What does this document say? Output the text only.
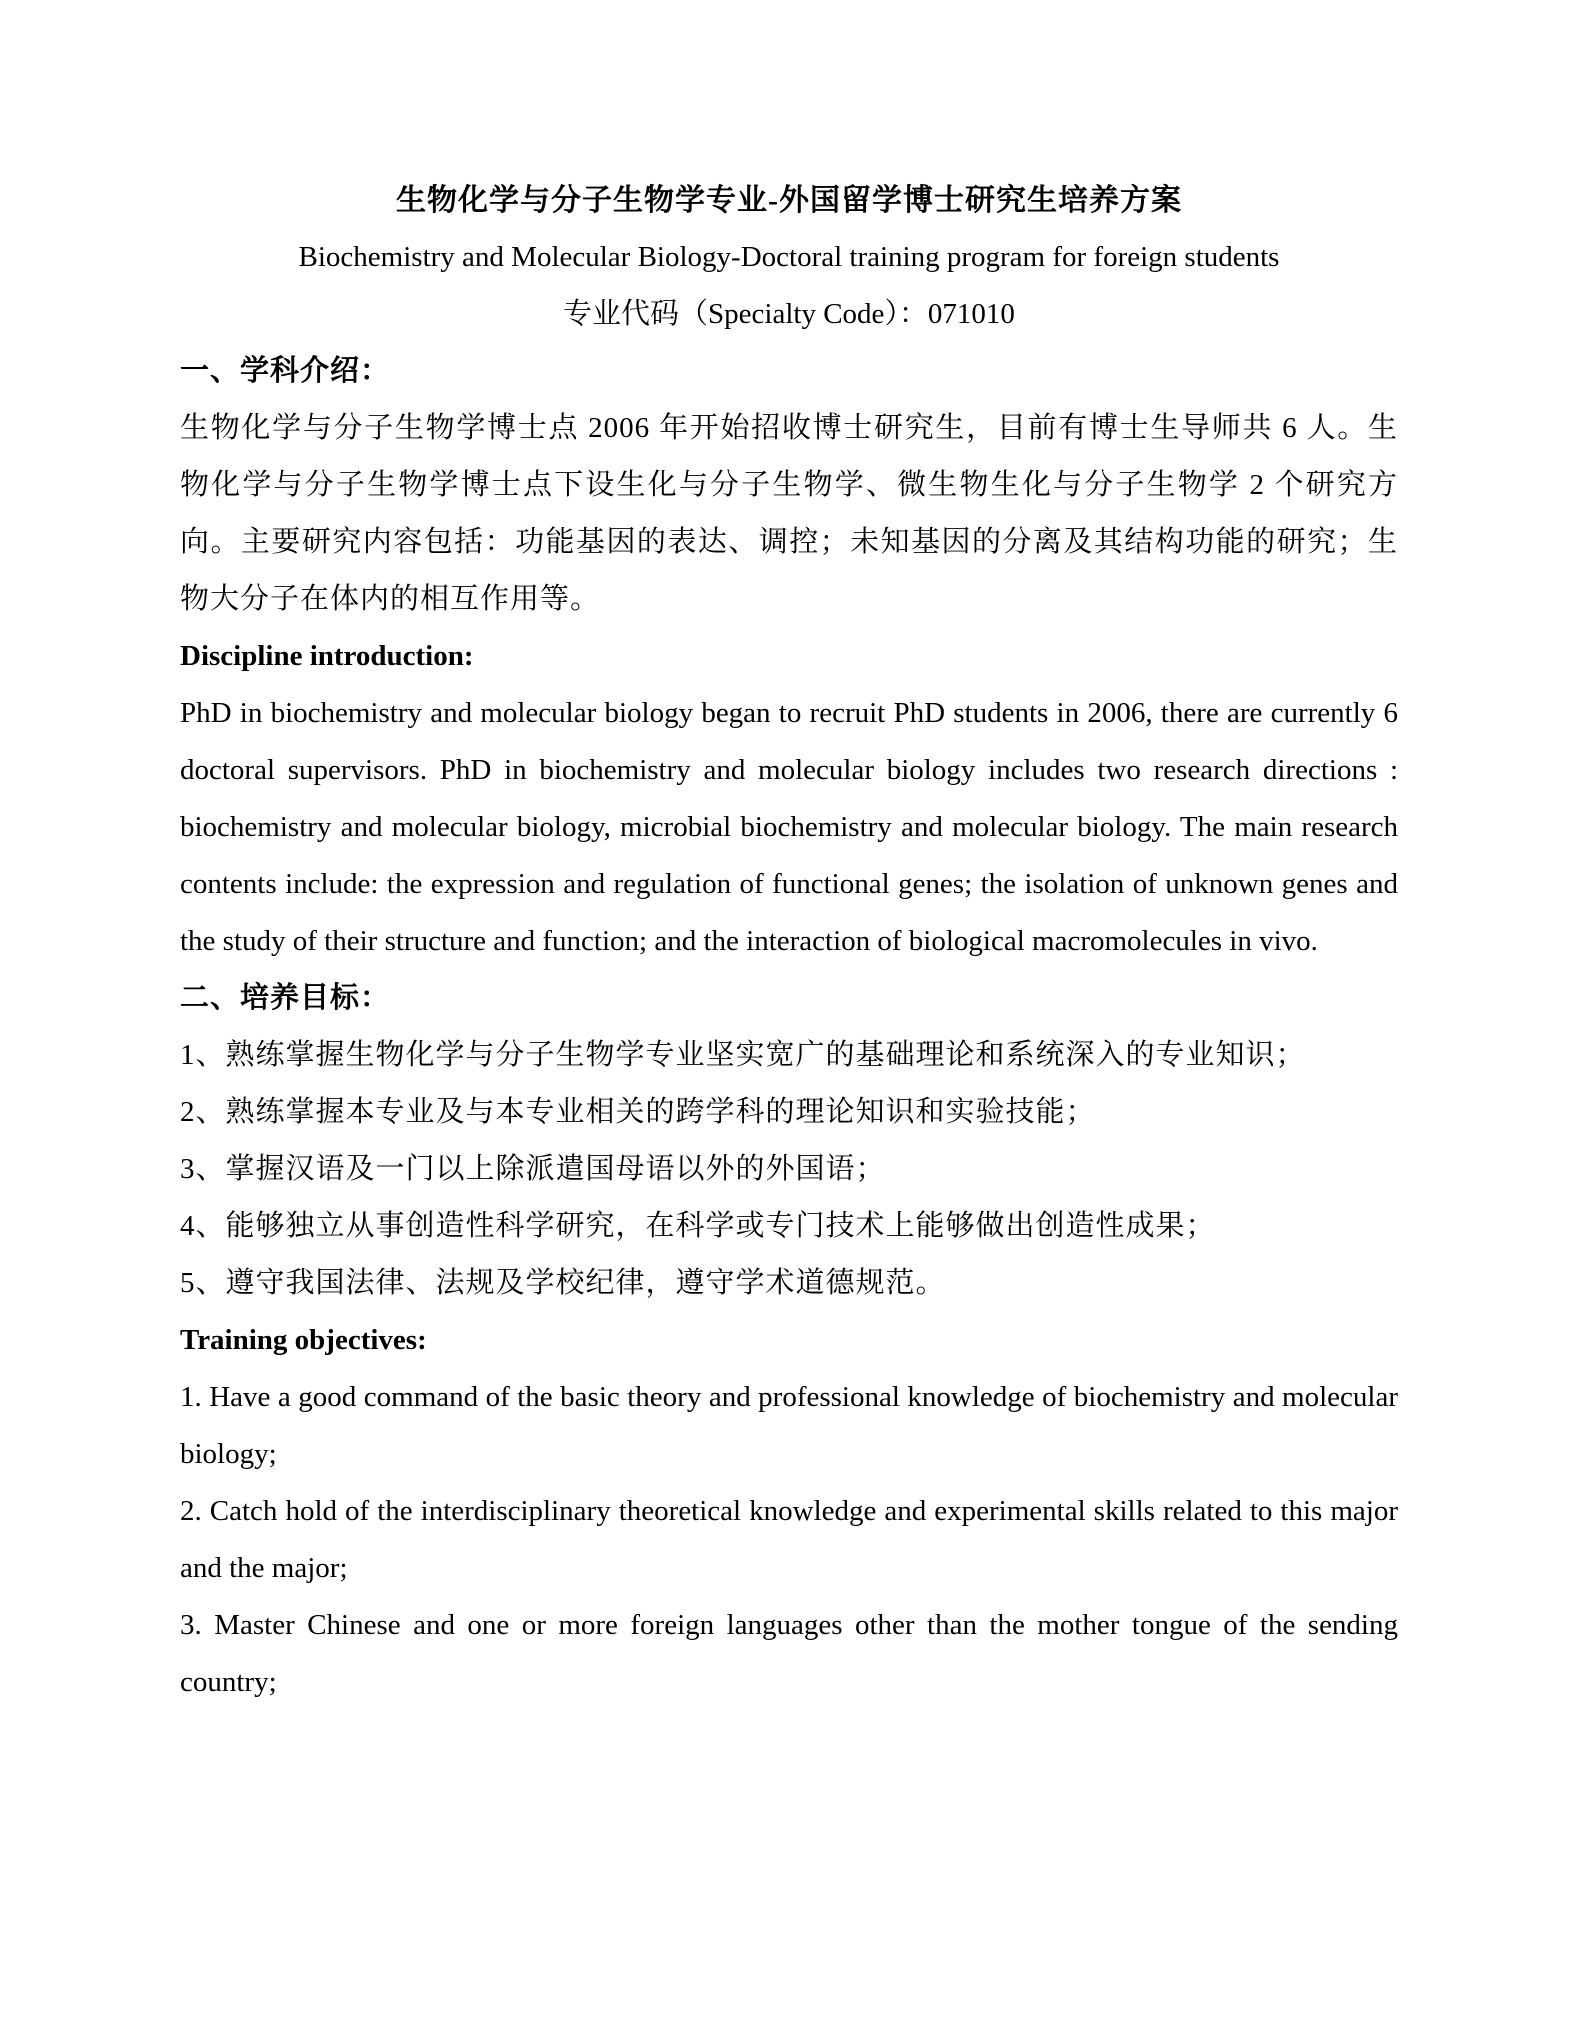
生物化学与分子生物学专业-外国留学博士研究生培养方案
Biochemistry and Molecular Biology-Doctoral training program for foreign students
专业代码（Specialty Code）：071010
一、学科介绍：
生物化学与分子生物学博士点 2006 年开始招收博士研究生，目前有博士生导师共 6 人。生物化学与分子生物学博士点下设生化与分子生物学、微生物生化与分子生物学 2 个研究方向。主要研究内容包括：功能基因的表达、调控；未知基因的分离及其结构功能的研究；生物大分子在体内的相互作用等。
Discipline introduction:
PhD in biochemistry and molecular biology began to recruit PhD students in 2006, there are currently 6 doctoral supervisors. PhD in biochemistry and molecular biology includes two research directions : biochemistry and molecular biology, microbial biochemistry and molecular biology. The main research contents include: the expression and regulation of functional genes; the isolation of unknown genes and the study of their structure and function; and the interaction of biological macromolecules in vivo.
二、培养目标：
1、熟练掌握生物化学与分子生物学专业坚实宽广的基础理论和系统深入的专业知识；
2、熟练掌握本专业及与本专业相关的跨学科的理论知识和实验技能；
3、掌握汉语及一门以上除派遣国母语以外的外国语；
4、能够独立从事创造性科学研究，在科学或专门技术上能够做出创造性成果；
5、遵守我国法律、法规及学校纪律，遵守学术道德规范。
Training objectives:
1. Have a good command of the basic theory and professional knowledge of biochemistry and molecular biology;
2. Catch hold of the interdisciplinary theoretical knowledge and experimental skills related to this major and the major;
3. Master Chinese and one or more foreign languages other than the mother tongue of the sending country;
